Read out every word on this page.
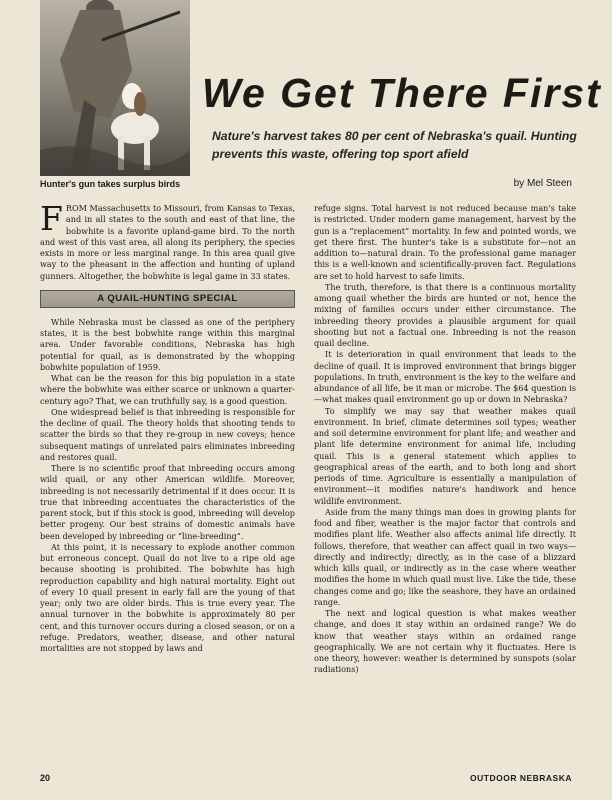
Hunter's gun takes surplus birds
We Get There First

Nature's harvest takes 80 per cent of Nebraska's quail. Hunting prevents this waste, offering top sport afield

by Mel Steen

FROM Massachusetts to Missouri, from Kansas to Texas, and in all states to the south and east of that line, the bobwhite is a favorite upland-game bird. To the north and west of this vast area, all along its periphery, the species exists in more or less marginal range. In this area quail give way to the pheasant in the affection and hunting of upland gunners. Altogether, the bobwhite is legal game in 33 states.

A QUAIL-HUNTING SPECIAL

While Nebraska must be classed as one of the periphery states, it is the best bobwhite range within this marginal area. Under favorable conditions, Nebraska has high potential for quail, as is demonstrated by the whopping bobwhite population of 1959.

What can be the reason for this big population in a state where the bobwhite was either scarce or unknown a quarter-century ago? That, we can truthfully say, is a good question.

One widespread belief is that inbreeding is responsible for the decline of quail. The theory holds that shooting tends to scatter the birds so that they re-group in new coveys; hence subsequent matings of unrelated pairs eliminates inbreeding and restores quail.

There is no scientific proof that inbreeding occurs among wild quail, or any other American wildlife. Moreover, inbreeding is not necessarily detrimental if it does occur. It is true that inbreeding accentuates the characteristics of the parent stock, but if this stock is good, inbreeding will develop better progeny. Our best strains of domestic animals have been developed by inbreeding or “line-breeding”.

At this point, it is necessary to explode another common but erroneous concept. Quail do not live to a ripe old age because shooting is prohibited. The bobwhite has high reproduction capability and high natural mortality. Eight out of every 10 quail present in early fall are the young of that year; only two are older birds. This is true every year. The annual turnover in the bobwhite is approximately 80 per cent, and this turnover occurs during a closed season, or on a refuge. Predators, weather, disease, and other natural mortalities are not stopped by laws and

refuge signs. Total harvest is not reduced because man's take is restricted. Under modern game management, harvest by the gun is a “replacement” mortality. In few and pointed words, we get there first. The hunter's take is a substitute for—not an addition to—natural drain. To the professional game manager this is a well-known and scientifically-proven fact. Regulations are set to hold harvest to safe limits.

The truth, therefore, is that there is a continuous mortality among quail whether the birds are hunted or not, hence the mixing of families occurs under either circumstance. The inbreeding theory provides a plausible argument for quail shooting but not a factual one. Inbreeding is not the reason quail decline.

It is deterioration in quail environment that leads to the decline of quail. It is improved environment that brings bigger populations. In truth, environment is the key to the welfare and abundance of all life, be it man or microbe. The $64 question is—what makes quail environment go up or down in Nebraska?

To simplify we may say that weather makes quail environment. In brief, climate determines soil types; weather and soil determine environment for plant life; and weather and plant life determine environment for animal life, including quail. This is a general statement which applies to geographical areas of the earth, and to both long and short periods of time. Agriculture is essentially a manipulation of environment—it modifies nature's handiwork and hence wildlife environment.

Aside from the many things man does in growing plants for food and fiber, weather is the major factor that controls and modifies plant life. Weather also affects animal life directly. It follows, therefore, that weather can affect quail in two ways—directly and indirectly; directly, as in the case of a blizzard which kills quail, or indirectly as in the case where weather modifies the home in which quail must live. Like the tide, these changes come and go; like the seashore, they have an ordained range.

The next and logical question is what makes weather change, and does it stay within an ordained range? We do know that weather stays within an ordained range geographically. We are not certain why it fluctuates. Here is one theory, however: weather is determined by sunspots (solar radiations)

20	OUTDOOR NEBRASKA
